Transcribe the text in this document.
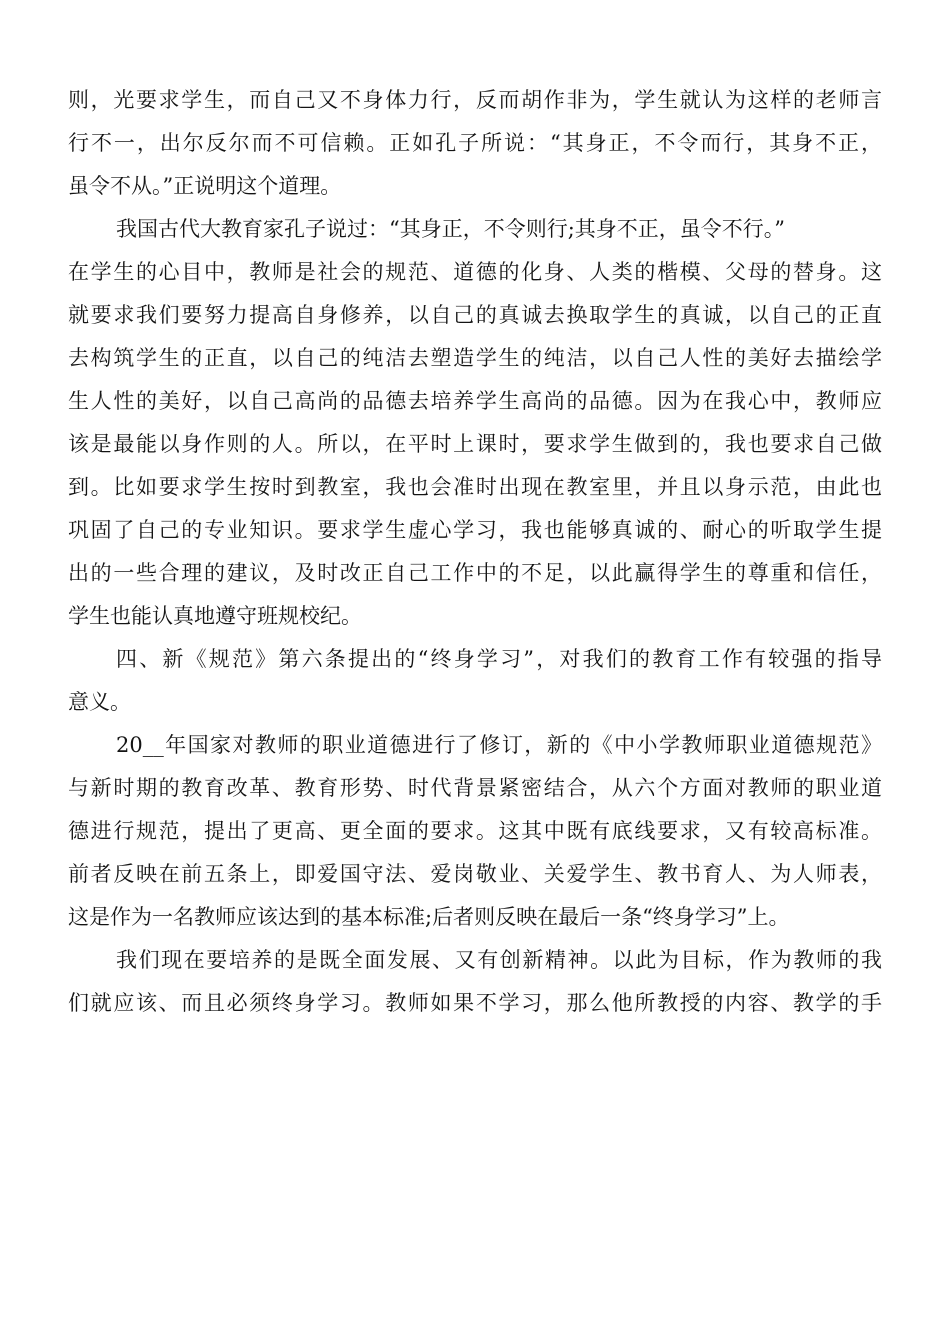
则，光要求学生，而自己又不身体力行，反而胡作非为，学生就认为这样的老师言
行不一，出尔反尔而不可信赖。正如孔子所说：“其身正，不令而行，其身不正，
虽令不从。”正说明这个道理。
我国古代大教育家孔子说过：“其身正，不令则行;其身不正，虽令不行。”
在学生的心目中，教师是社会的规范、道德的化身、人类的楷模、父母的替身。这
就要求我们要努力提高自身修养，以自己的真诚去换取学生的真诚，以自己的正直
去构筑学生的正直，以自己的纯洁去塑造学生的纯洁，以自己人性的美好去描绘学
生人性的美好，以自己高尚的品德去培养学生高尚的品德。因为在我心中，教师应
该是最能以身作则的人。所以，在平时上课时，要求学生做到的，我也要求自己做
到。比如要求学生按时到教室，我也会准时出现在教室里，并且以身示范，由此也
巩固了自己的专业知识。要求学生虚心学习，我也能够真诚的、耐心的听取学生提
出的一些合理的建议，及时改正自己工作中的不足，以此赢得学生的尊重和信任，
学生也能认真地遵守班规校纪。
四、新《规范》第六条提出的“终身学习”，对我们的教育工作有较强的指导
意义。
20__年国家对教师的职业道德进行了修订，新的《中小学教师职业道德规范》
与新时期的教育改革、教育形势、时代背景紧密结合，从六个方面对教师的职业道
德进行规范，提出了更高、更全面的要求。这其中既有底线要求，又有较高标准。
前者反映在前五条上，即爱国守法、爱岗敬业、关爱学生、教书育人、为人师表，
这是作为一名教师应该达到的基本标准;后者则反映在最后一条“终身学习”上。
我们现在要培养的是既全面发展、又有创新精神。以此为目标，作为教师的我
们就应该、而且必须终身学习。教师如果不学习，那么他所教授的内容、教学的手
